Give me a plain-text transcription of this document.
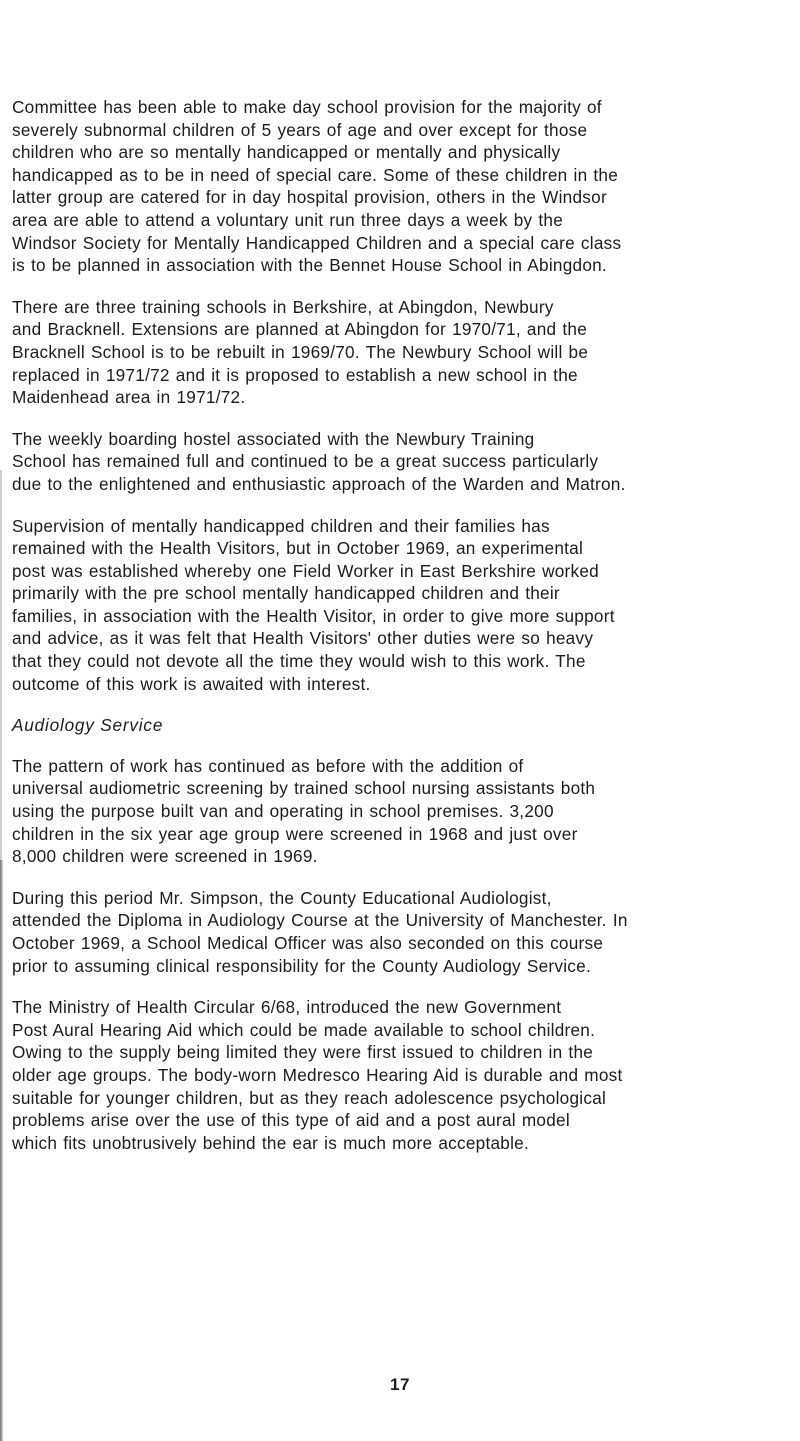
Committee has been able to make day school provision for the majority of
severely subnormal children of 5 years of age and over except for those
children who are so mentally handicapped or mentally and physically
handicapped as to be in need of special care. Some of these children in the
latter group are catered for in day hospital provision, others in the Windsor
area are able to attend a voluntary unit run three days a week by the
Windsor Society for Mentally Handicapped Children and a special care class
is to be planned in association with the Bennet House School in Abingdon.

There are three training schools in Berkshire, at Abingdon, Newbury
and Bracknell. Extensions are planned at Abingdon for 1970/71, and the
Bracknell School is to be rebuilt in 1969/70. The Newbury School will be
replaced in 1971/72 and it is proposed to establish a new school in the
Maidenhead area in 1971/72.

The weekly boarding hostel associated with the Newbury Training
School has remained full and continued to be a great success particularly
due to the enlightened and enthusiastic approach of the Warden and Matron.

Supervision of mentally handicapped children and their families has
remained with the Health Visitors, but in October 1969, an experimental
post was established whereby one Field Worker in East Berkshire worked
primarily with the pre school mentally handicapped children and their
families, in association with the Health Visitor, in order to give more support
and advice, as it was felt that Health Visitors' other duties were so heavy
that they could not devote all the time they would wish to this work. The
outcome of this work is awaited with interest.

Audiology Service

The pattern of work has continued as before with the addition of
universal audiometric screening by trained school nursing assistants both
using the purpose built van and operating in school premises. 3,200
children in the six year age group were screened in 1968 and just over
8,000 children were screened in 1969.

During this period Mr. Simpson, the County Educational Audiologist,
attended the Diploma in Audiology Course at the University of Manchester. In
October 1969, a School Medical Officer was also seconded on this course
prior to assuming clinical responsibility for the County Audiology Service.

The Ministry of Health Circular 6/68, introduced the new Government
Post Aural Hearing Aid which could be made available to school children.
Owing to the supply being limited they were first issued to children in the
older age groups. The body-worn Medresco Hearing Aid is durable and most
suitable for younger children, but as they reach adolescence psychological
problems arise over the use of this type of aid and a post aural model
which fits unobtrusively behind the ear is much more acceptable.

17
